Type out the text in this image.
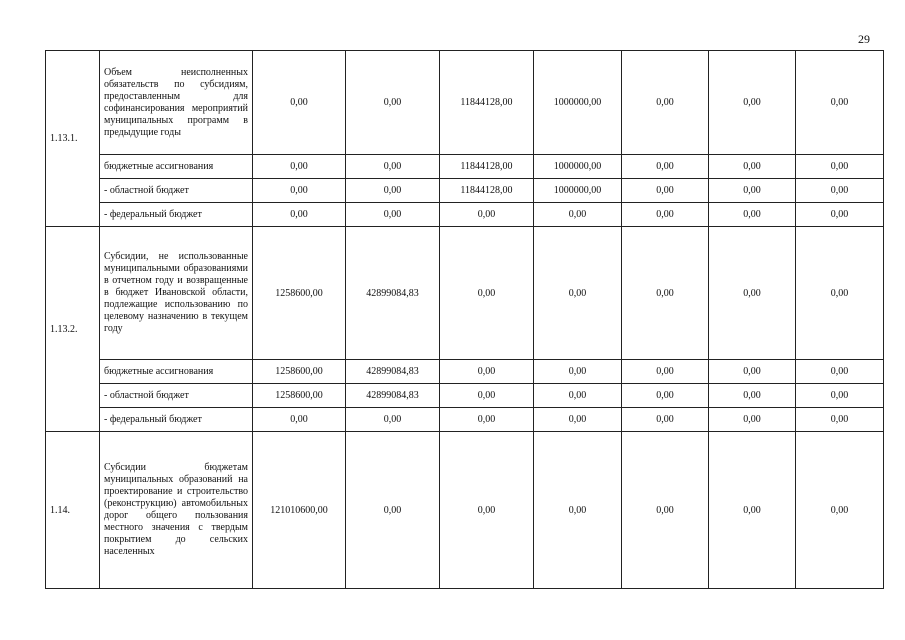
29
1.13.1.	Объем неисполненных обязательств по субсидиям, предоставленным для софинансирования мероприятий муниципальных программ в предыдущие годы	0,00	0,00	11844128,00	1000000,00	0,00	0,00	0,00
	бюджетные ассигнования	0,00	0,00	11844128,00	1000000,00	0,00	0,00	0,00
	- областной бюджет	0,00	0,00	11844128,00	1000000,00	0,00	0,00	0,00
	- федеральный бюджет	0,00	0,00	0,00	0,00	0,00	0,00	0,00
1.13.2.	Субсидии, не использованные муниципальными образованиями в отчетном году и возвращенные в бюджет Ивановской области, подлежащие использованию по целевому назначению в текущем году	1258600,00	42899084,83	0,00	0,00	0,00	0,00	0,00
	бюджетные ассигнования	1258600,00	42899084,83	0,00	0,00	0,00	0,00	0,00
	- областной бюджет	1258600,00	42899084,83	0,00	0,00	0,00	0,00	0,00
	- федеральный бюджет	0,00	0,00	0,00	0,00	0,00	0,00	0,00
1.14.	Субсидии бюджетам муниципальных образований на проектирование и строительство (реконструкцию) автомобильных дорог общего пользования местного значения с твердым покрытием до сельских населенных	121010600,00	0,00	0,00	0,00	0,00	0,00	0,00
